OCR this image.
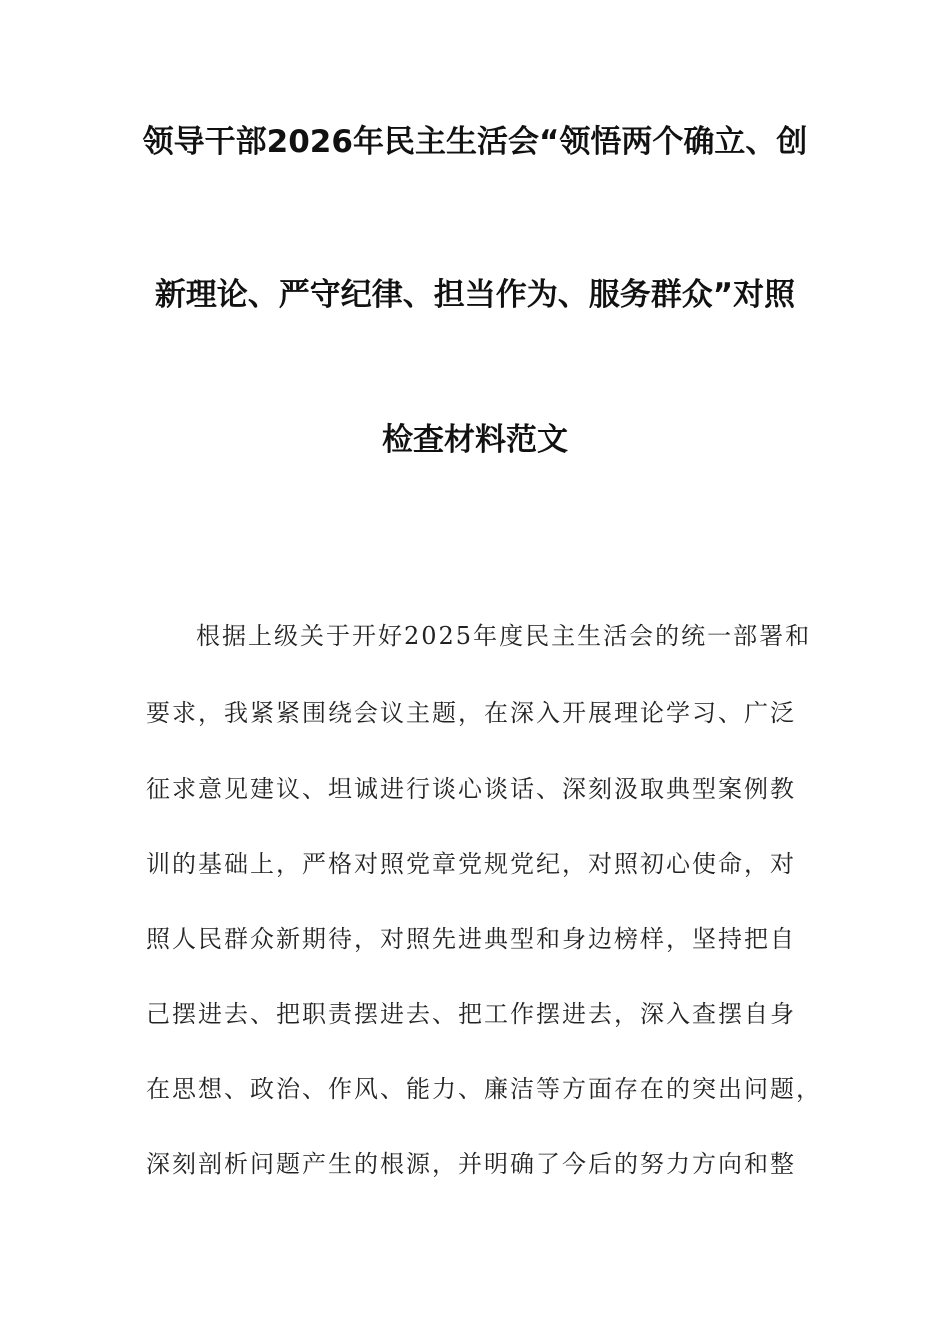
领导干部2026年民主生活会“领悟两个确立、创
新理论、严守纪律、担当作为、服务群众”对照
检查材料范文
根据上级关于开好2025年度民主生活会的统一部署和
要求，我紧紧围绕会议主题，在深入开展理论学习、广泛
征求意见建议、坦诚进行谈心谈话、深刻汲取典型案例教
训的基础上，严格对照党章党规党纪，对照初心使命，对
照人民群众新期待，对照先进典型和身边榜样，坚持把自
己摆进去、把职责摆进去、把工作摆进去，深入查摆自身
在思想、政治、作风、能力、廉洁等方面存在的突出问题，
深刻剖析问题产生的根源，并明确了今后的努力方向和整
